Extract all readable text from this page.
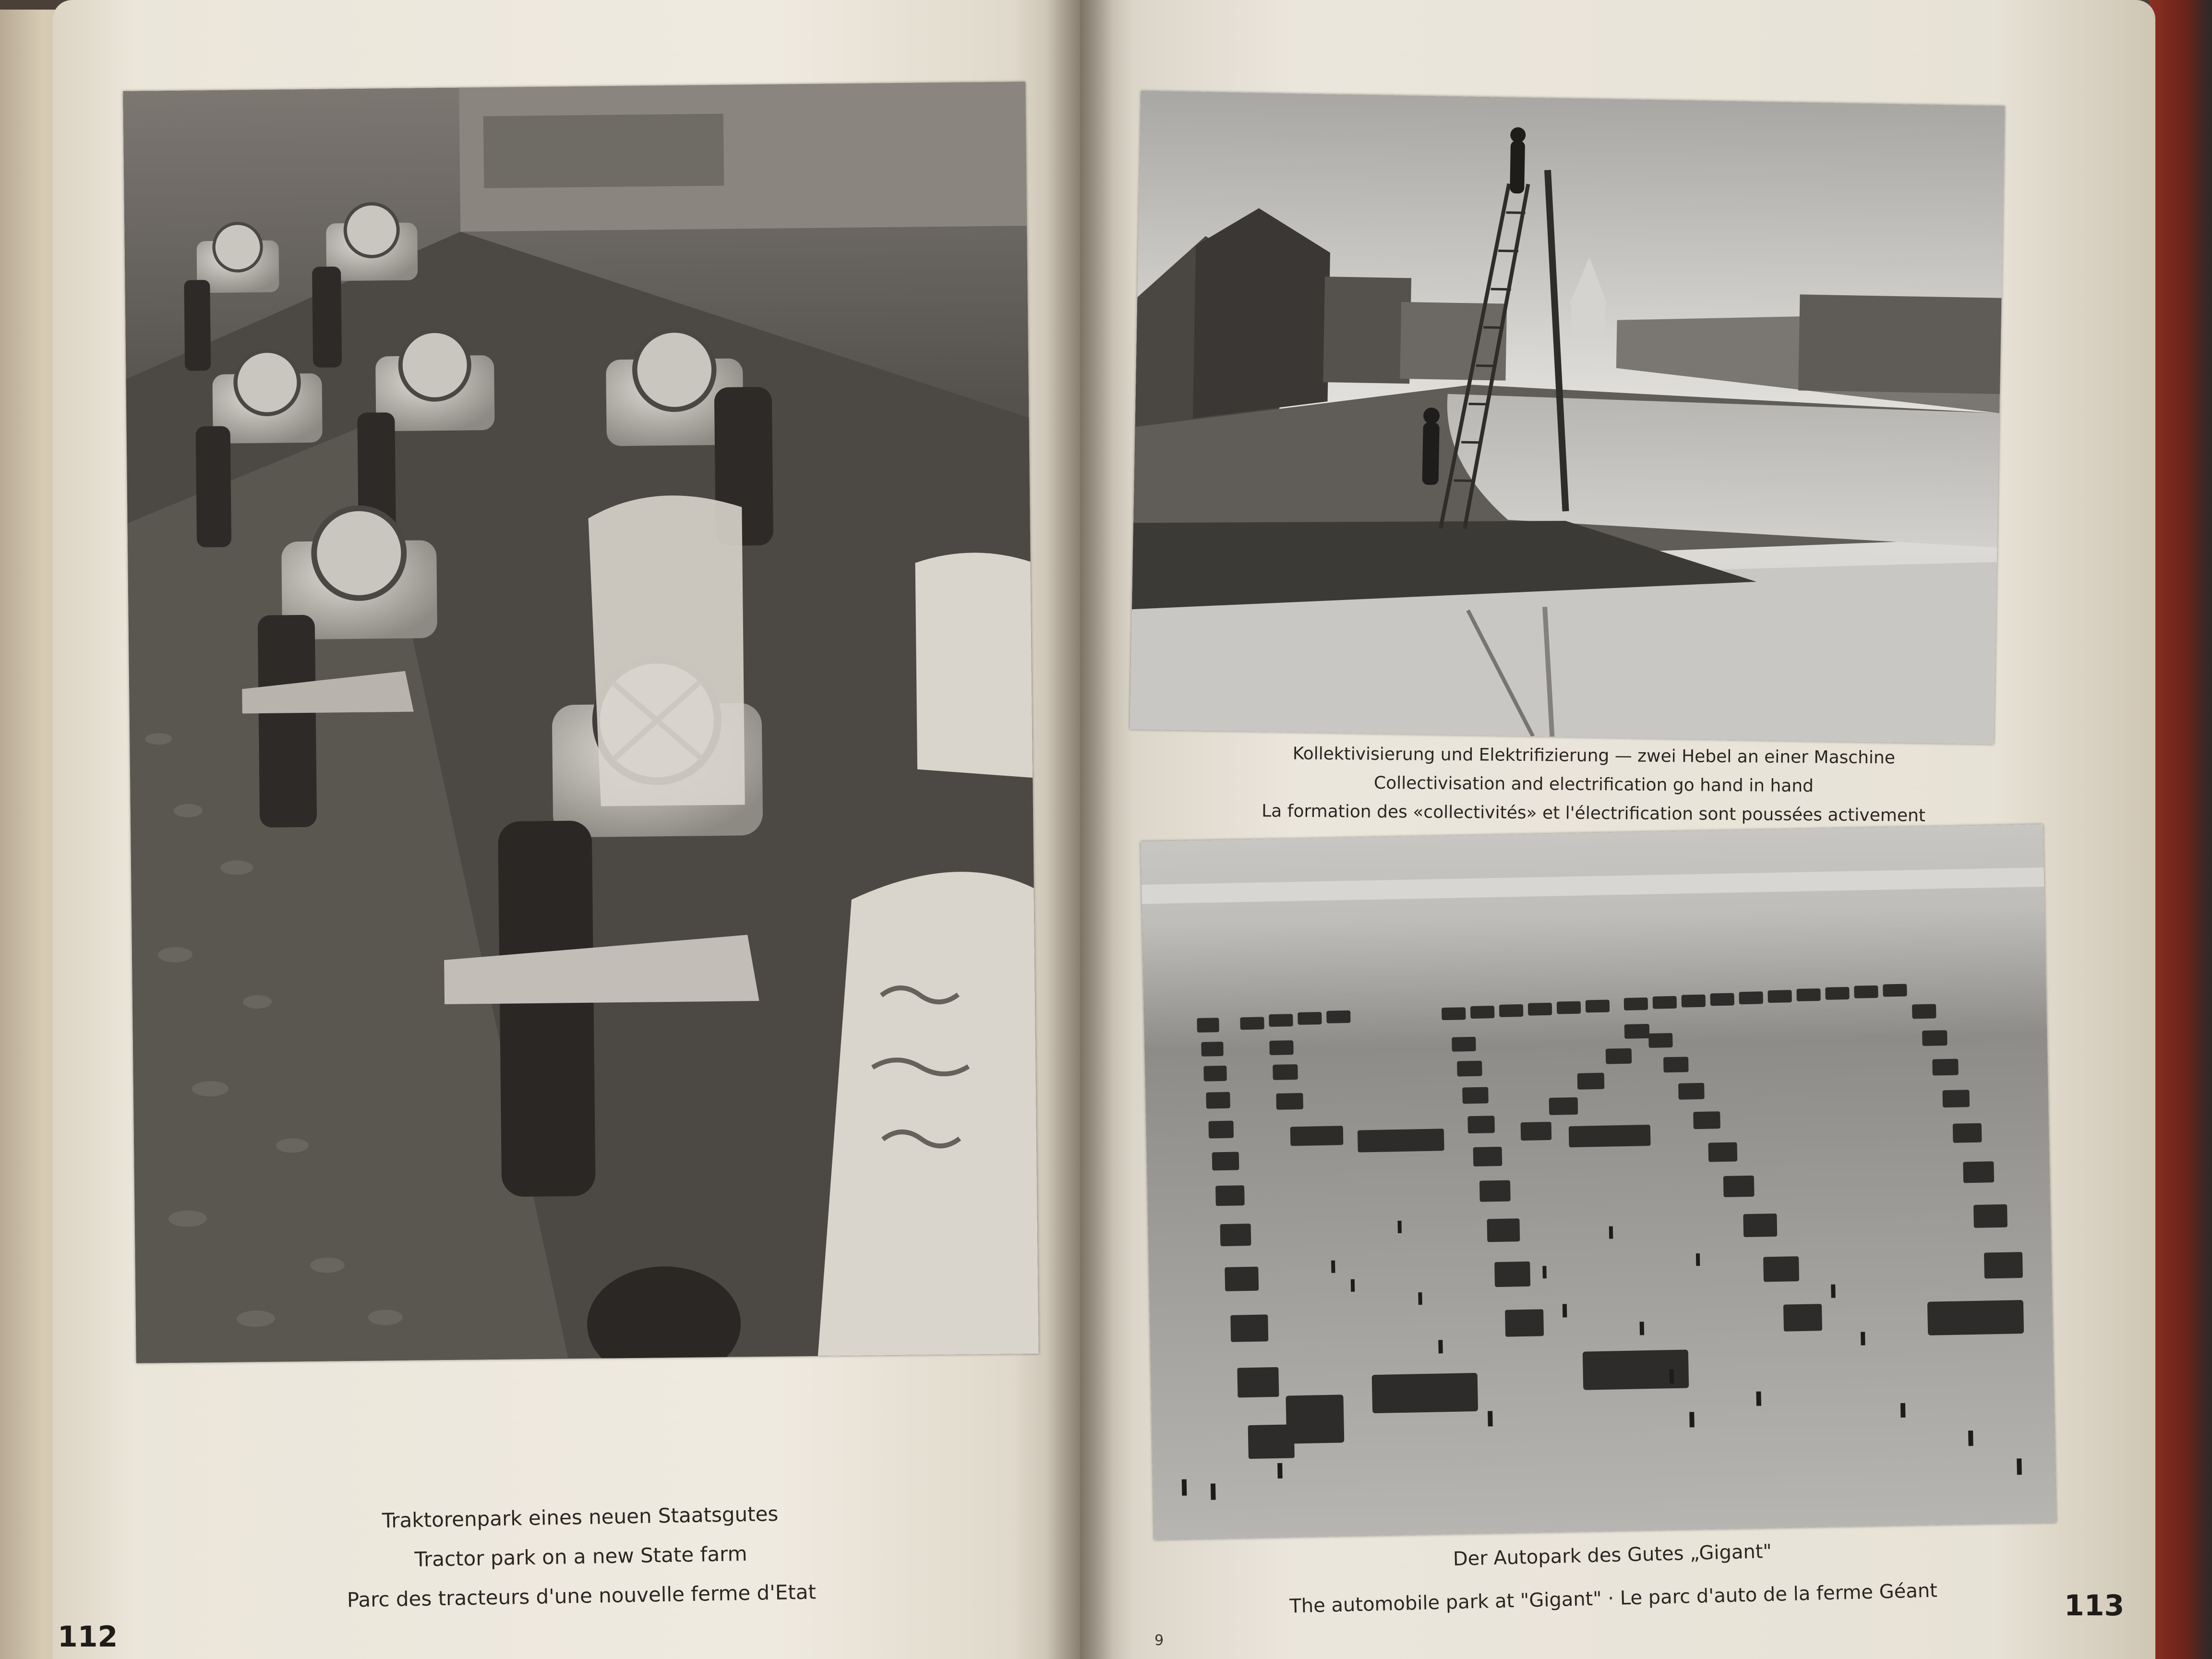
Traktorenpark eines neuen Staatsgutes
Tractor park on a new State farm
Parc des tracteurs d'une nouvelle ferme d'Etat
Kollektivisierung und Elektrifizierung — zwei Hebel an einer Maschine
Collectivisation and electrification go hand in hand
La formation des «collectivités» et l'électrification sont poussées activement
Der Autopark des Gutes „Gigant"
The automobile park at "Gigant" · Le parc d'auto de la ferme Géant
112
113
9
